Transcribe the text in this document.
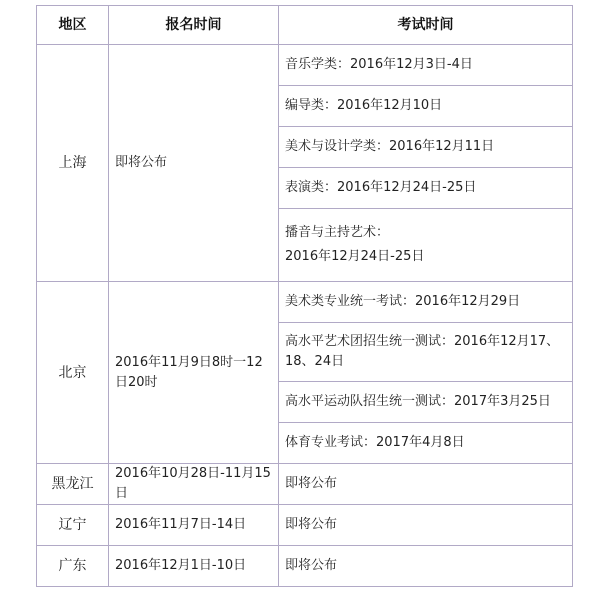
地区	报名时间	考试时间
上海	即将公布	音乐学类：2016年12月3日-4日
		编导类：2016年12月10日
		美术与设计学类：2016年12月11日
		表演类：2016年12月24日-25日
		播音与主持艺术：
2016年12月24日-25日

北京	2016年11月9日8时一12日20时	美术类专业统一考试：2016年12月29日
		高水平艺术团招生统一测试：2016年12月17、18、24日
		高水平运动队招生统一测试：2017年3月25日
		体育专业考试：2017年4月8日
黑龙江	2016年10月28日-11月15日	即将公布
辽宁	2016年11月7日-14日	即将公布
广东	2016年12月1日-10日	即将公布
